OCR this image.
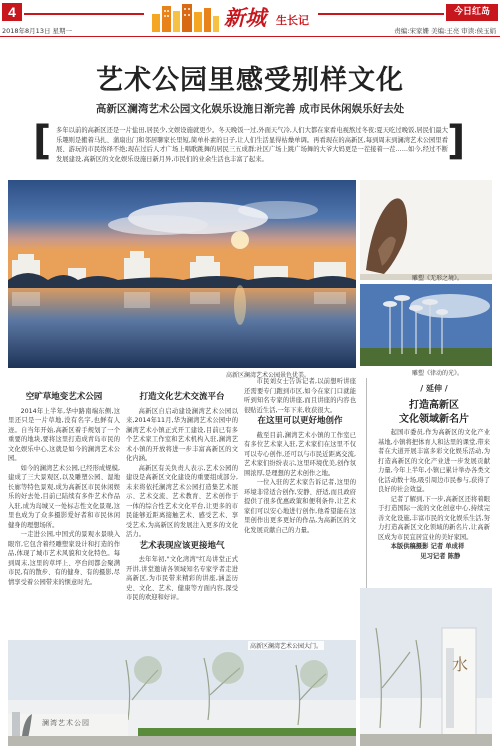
4
2018年8月13日 星期一
新城 生长记
今日红岛
责编:宋家姗 美编:王亮 审读:侯玉娟
艺术公园里感受别样文化
高新区澜湾艺术公园文化娱乐设施日渐完善 成市民休闲娱乐好去处
[	]
多年以前的高新区还是一片盐田,居民少,文娱设施就更少。冬天晚饭一过,外面天气冷,人们大都在家看电视熬过冬夜;夏天吃过晚饭,居民们最大乐趣则是搬着马扎、蒲扇出门和邻居聊家长里短,简单朴素的日子,让人们生活显得枯燥单调。再看现在的高新区,每到周末到澜湾艺术公园里看展、游玩的市民络绎不绝;现在过后人才广场上唱歌跳舞的居民三五成群;社区广场上跳广场舞的大爷大妈更是一茬接着一茬……如今,经过不断发展建设,高新区的文化娱乐设施日新月异,市民们的业余生活也丰富了起来。
高新区澜湾艺术公园景色优美。
雕塑《无形之境》。
雕塑《律动的光》。
空旷草地变艺术公园

2014年上半年,华中路南端东侧,这里还只是一片草地,没有名字,也鲜有人迹。自当年开始,高新区着手规划了一个重要的地块,要将这里打造成青岛市民的文化娱乐中心,这就是如今的澜湾艺术公园。

如今的澜湾艺术公园,已经形成规模,建成了三大景观区,以及雕塑公园、湿地长廊等特色景观,成为高新区市民休闲娱乐的好去处,目前已陆续有多件艺术作品入驻,成为岛城又一处标志性文化景观,这里也成为了众多摄影爱好者和市民休闲健身的理想场所。

一走进公园,中国式的景观水景映入眼帘,它包含着经雕塑家设计和打造的作品,体现了城市艺术风貌和文化特色。每到周末,这里的草坪上、亭台间都会聚满市民,有的散步、有的健身、有的摄影,尽情享受着公园带来的惬意时光。

打造文化艺术交流平台

高新区自启动建设澜湾艺术公园以来,2014年11月,华为澜湾艺术公园中的澜湾艺术小镇正式开工建设,目前已有多个艺术家工作室和艺术机构入驻,澜湾艺术小镇的开放将进一步丰富高新区的文化内涵。

高新区有关负责人表示,艺术公园的建设是高新区文化建设的重要组成部分,未来将依托澜湾艺术公园打造集艺术展示、艺术交流、艺术教育、艺术创作于一体的综合性艺术文化平台,让更多的市民能够近距离接触艺术、感受艺术、享受艺术,为高新区的发展注入更多的文化活力。

艺术表现应该更接地气

去年年初,"文化湾湾"红岛讲堂正式开讲,讲堂邀请各领域知名专家学者走进高新区,为市民带来精彩的讲座,涵盖历史、文化、艺术、健康等方面内容,深受市民的欢迎和好评。

市民刘女士告诉记者,以前想听讲座还需要专门跑到市区,如今在家门口就能听到知名专家的讲座,而且讲座的内容也很贴近生活,一年下来,收获很大。

在这里可以更好地创作

截至目前,澜湾艺术小镇的工作室已有多位艺术家入驻,艺术家们在这里不仅可以专心创作,还可以与市民近距离交流,艺术家们纷纷表示,这里环境优美,创作氛围浓厚,是理想的艺术创作之地。

一位入驻的艺术家告诉记者,这里的环境非常适合创作,安静、舒适,而且政府提供了很多优惠政策和便利条件,让艺术家们可以安心地进行创作,他希望能在这里创作出更多更好的作品,为高新区的文化发展贡献自己的力量。

/ 延伸 /
打造高新区
文化领域新名片

起国市委员,作为高新区的文化产业基地,小镇将把体育人和达里的课堂,带来者在大道开展丰富多彩文化娱乐活动,为打造高新区的文化产业进一步发展贡献力量,今年上半年,小镇已累计举办各类文化活动数十场,吸引周边市民参与,获得了良好的社会效益。

记者了解到,下一步,高新区还将着眼于打造国际一流的文化创意中心,持续完善文化设施,丰富市民的文化娱乐生活,努力打造高新区文化领域的新名片,让高新区成为市民宜居宜业的美好家园。

本版供稿摄影 记者 单成祥

见习记者 陈静

澜湾艺术公园
高新区澜湾艺术公园大门。
水
